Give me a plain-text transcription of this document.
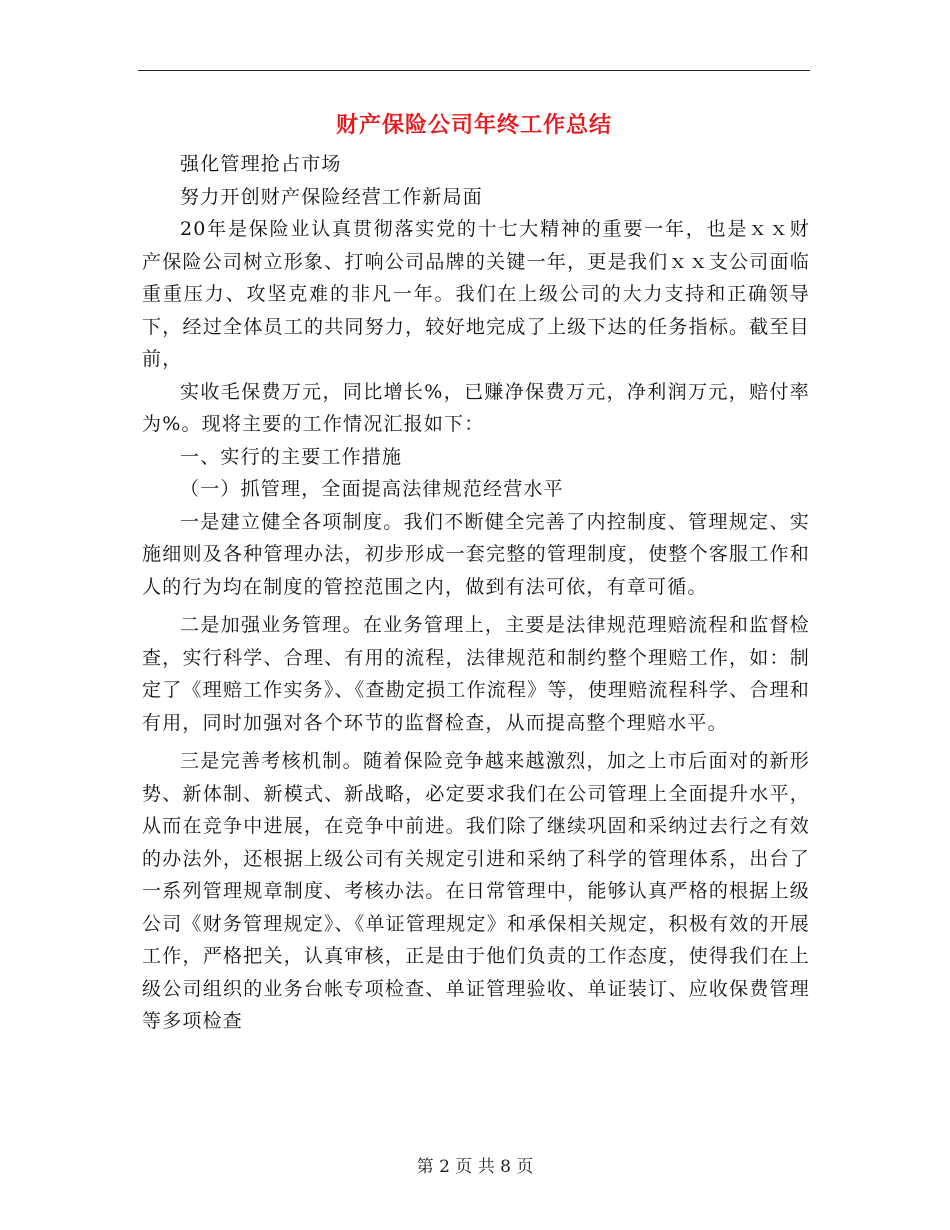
财产保险公司年终工作总结

强化管理抢占市场

努力开创财产保险经营工作新局面

20年是保险业认真贯彻落实党的十七大精神的重要一年，也是ｘｘ财产保险公司树立形象、打响公司品牌的关键一年，更是我们ｘｘ支公司面临重重压力、攻坚克难的非凡一年。我们在上级公司的大力支持和正确领导下，经过全体员工的共同努力，较好地完成了上级下达的任务指标。截至目前，

实收毛保费万元，同比增长%，已赚净保费万元，净利润万元，赔付率为%。现将主要的工作情况汇报如下：

一、实行的主要工作措施

（一）抓管理，全面提高法律规范经营水平

一是建立健全各项制度。我们不断健全完善了内控制度、管理规定、实施细则及各种管理办法，初步形成一套完整的管理制度，使整个客服工作和人的行为均在制度的管控范围之内，做到有法可依，有章可循。

二是加强业务管理。在业务管理上，主要是法律规范理赔流程和监督检查，实行科学、合理、有用的流程，法律规范和制约整个理赔工作，如：制定了《理赔工作实务》、《查勘定损工作流程》等，使理赔流程科学、合理和有用，同时加强对各个环节的监督检查，从而提高整个理赔水平。

三是完善考核机制。随着保险竞争越来越激烈，加之上市后面对的新形势、新体制、新模式、新战略，必定要求我们在公司管理上全面提升水平，从而在竞争中进展，在竞争中前进。我们除了继续巩固和采纳过去行之有效的办法外，还根据上级公司有关规定引进和采纳了科学的管理体系，出台了一系列管理规章制度、考核办法。在日常管理中，能够认真严格的根据上级公司《财务管理规定》、《单证管理规定》和承保相关规定，积极有效的开展工作，严格把关，认真审核，正是由于他们负责的工作态度，使得我们在上级公司组织的业务台帐专项检查、单证管理验收、单证装订、应收保费管理等多项检查

第 2 页 共 8 页
